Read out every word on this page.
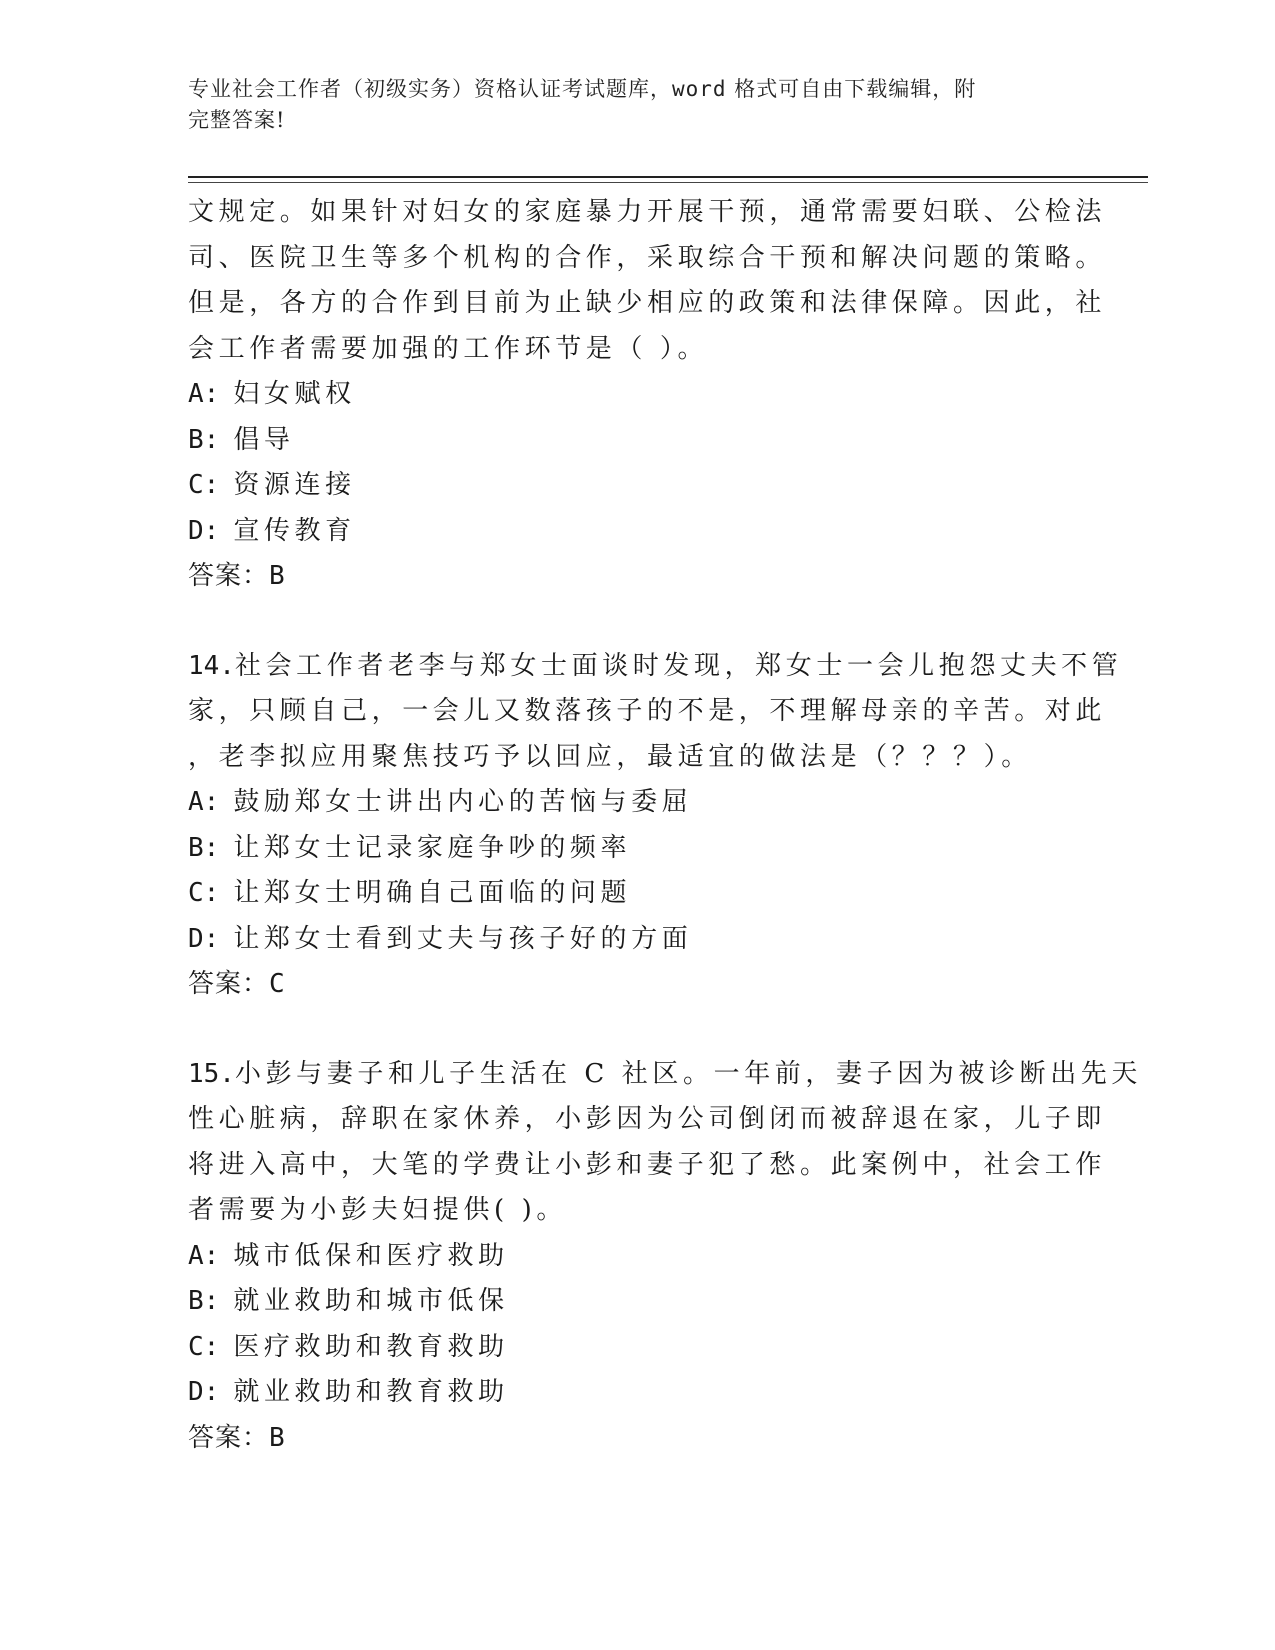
专业社会工作者（初级实务）资格认证考试题库，word 格式可自由下载编辑，附
完整答案!
文规定。如果针对妇女的家庭暴力开展干预，通常需要妇联、公检法
司、医院卫生等多个机构的合作，采取综合干预和解决问题的策略。
但是，各方的合作到目前为止缺少相应的政策和法律保障。因此，社
会工作者需要加强的工作环节是（ ）。
A: 妇女赋权
B: 倡导
C: 资源连接
D: 宣传教育
答案：B
14.社会工作者老李与郑女士面谈时发现，郑女士一会儿抱怨丈夫不管
家，只顾自己，一会儿又数落孩子的不是，不理解母亲的辛苦。对此
，老李拟应用聚焦技巧予以回应，最适宜的做法是（？？？）。
A: 鼓励郑女士讲出内心的苦恼与委屈
B: 让郑女士记录家庭争吵的频率
C: 让郑女士明确自己面临的问题
D: 让郑女士看到丈夫与孩子好的方面
答案：C
15.小彭与妻子和儿子生活在 C 社区。一年前，妻子因为被诊断出先天
性心脏病，辞职在家休养，小彭因为公司倒闭而被辞退在家，儿子即
将进入高中，大笔的学费让小彭和妻子犯了愁。此案例中，社会工作
者需要为小彭夫妇提供( )。
A: 城市低保和医疗救助
B: 就业救助和城市低保
C: 医疗救助和教育救助
D: 就业救助和教育救助
答案：B
